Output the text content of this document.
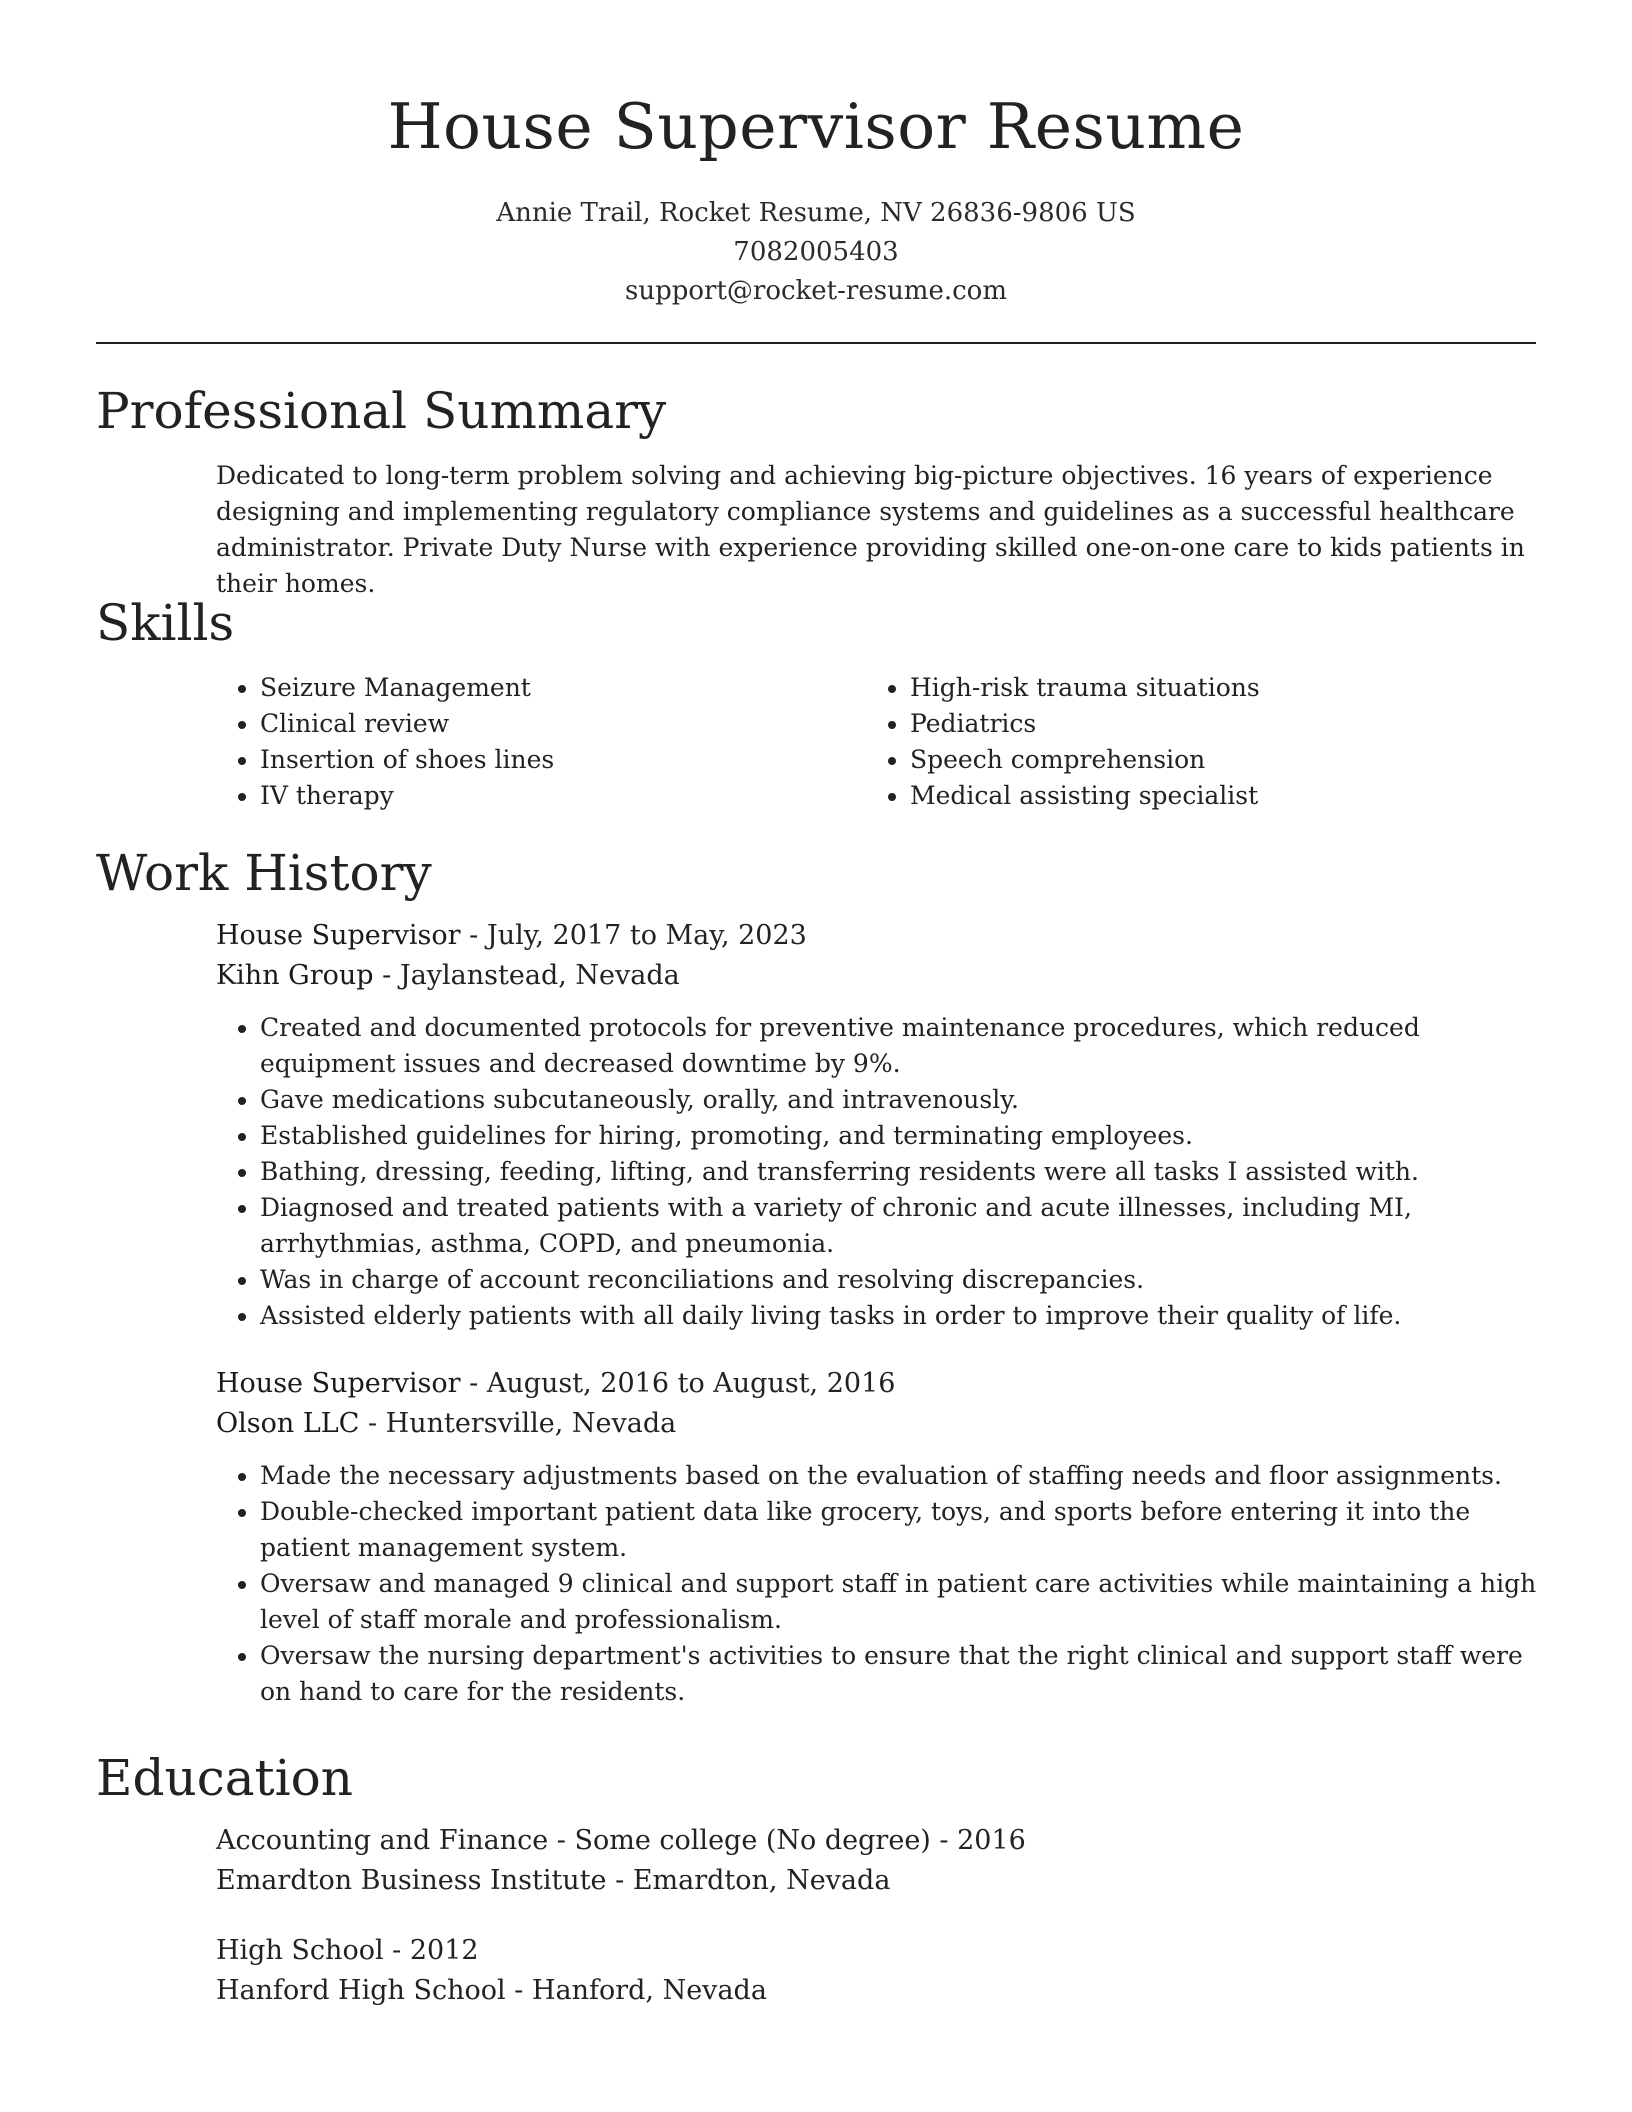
House Supervisor Resume
Annie Trail, Rocket Resume, NV 26836-9806 US
7082005403
support@rocket-resume.com
Professional Summary

Dedicated to long-term problem solving and achieving big-picture objectives. 16 years of experience designing and implementing regulatory compliance systems and guidelines as a successful healthcare administrator. Private Duty Nurse with experience providing skilled one-on-one care to kids patients in their homes.

Skills
• Seizure Management
• Clinical review
• Insertion of shoes lines
• IV therapy
• High-risk trauma situations
• Pediatrics
• Speech comprehension
• Medical assisting specialist
Work History
House Supervisor - July, 2017 to May, 2023
Kihn Group - Jaylanstead, Nevada
• Created and documented protocols for preventive maintenance procedures, which reduced equipment issues and decreased downtime by 9%.
• Gave medications subcutaneously, orally, and intravenously.
• Established guidelines for hiring, promoting, and terminating employees.
• Bathing, dressing, feeding, lifting, and transferring residents were all tasks I assisted with.
• Diagnosed and treated patients with a variety of chronic and acute illnesses, including MI, arrhythmias, asthma, COPD, and pneumonia.
• Was in charge of account reconciliations and resolving discrepancies.
• Assisted elderly patients with all daily living tasks in order to improve their quality of life.
House Supervisor - August, 2016 to August, 2016
Olson LLC - Huntersville, Nevada
• Made the necessary adjustments based on the evaluation of staffing needs and floor assignments.
• Double-checked important patient data like grocery, toys, and sports before entering it into the patient management system.
• Oversaw and managed 9 clinical and support staff in patient care activities while maintaining a high level of staff morale and professionalism.
• Oversaw the nursing department's activities to ensure that the right clinical and support staff were on hand to care for the residents.
Education
Accounting and Finance - Some college (No degree) - 2016
Emardton Business Institute - Emardton, Nevada
High School - 2012
Hanford High School - Hanford, Nevada
